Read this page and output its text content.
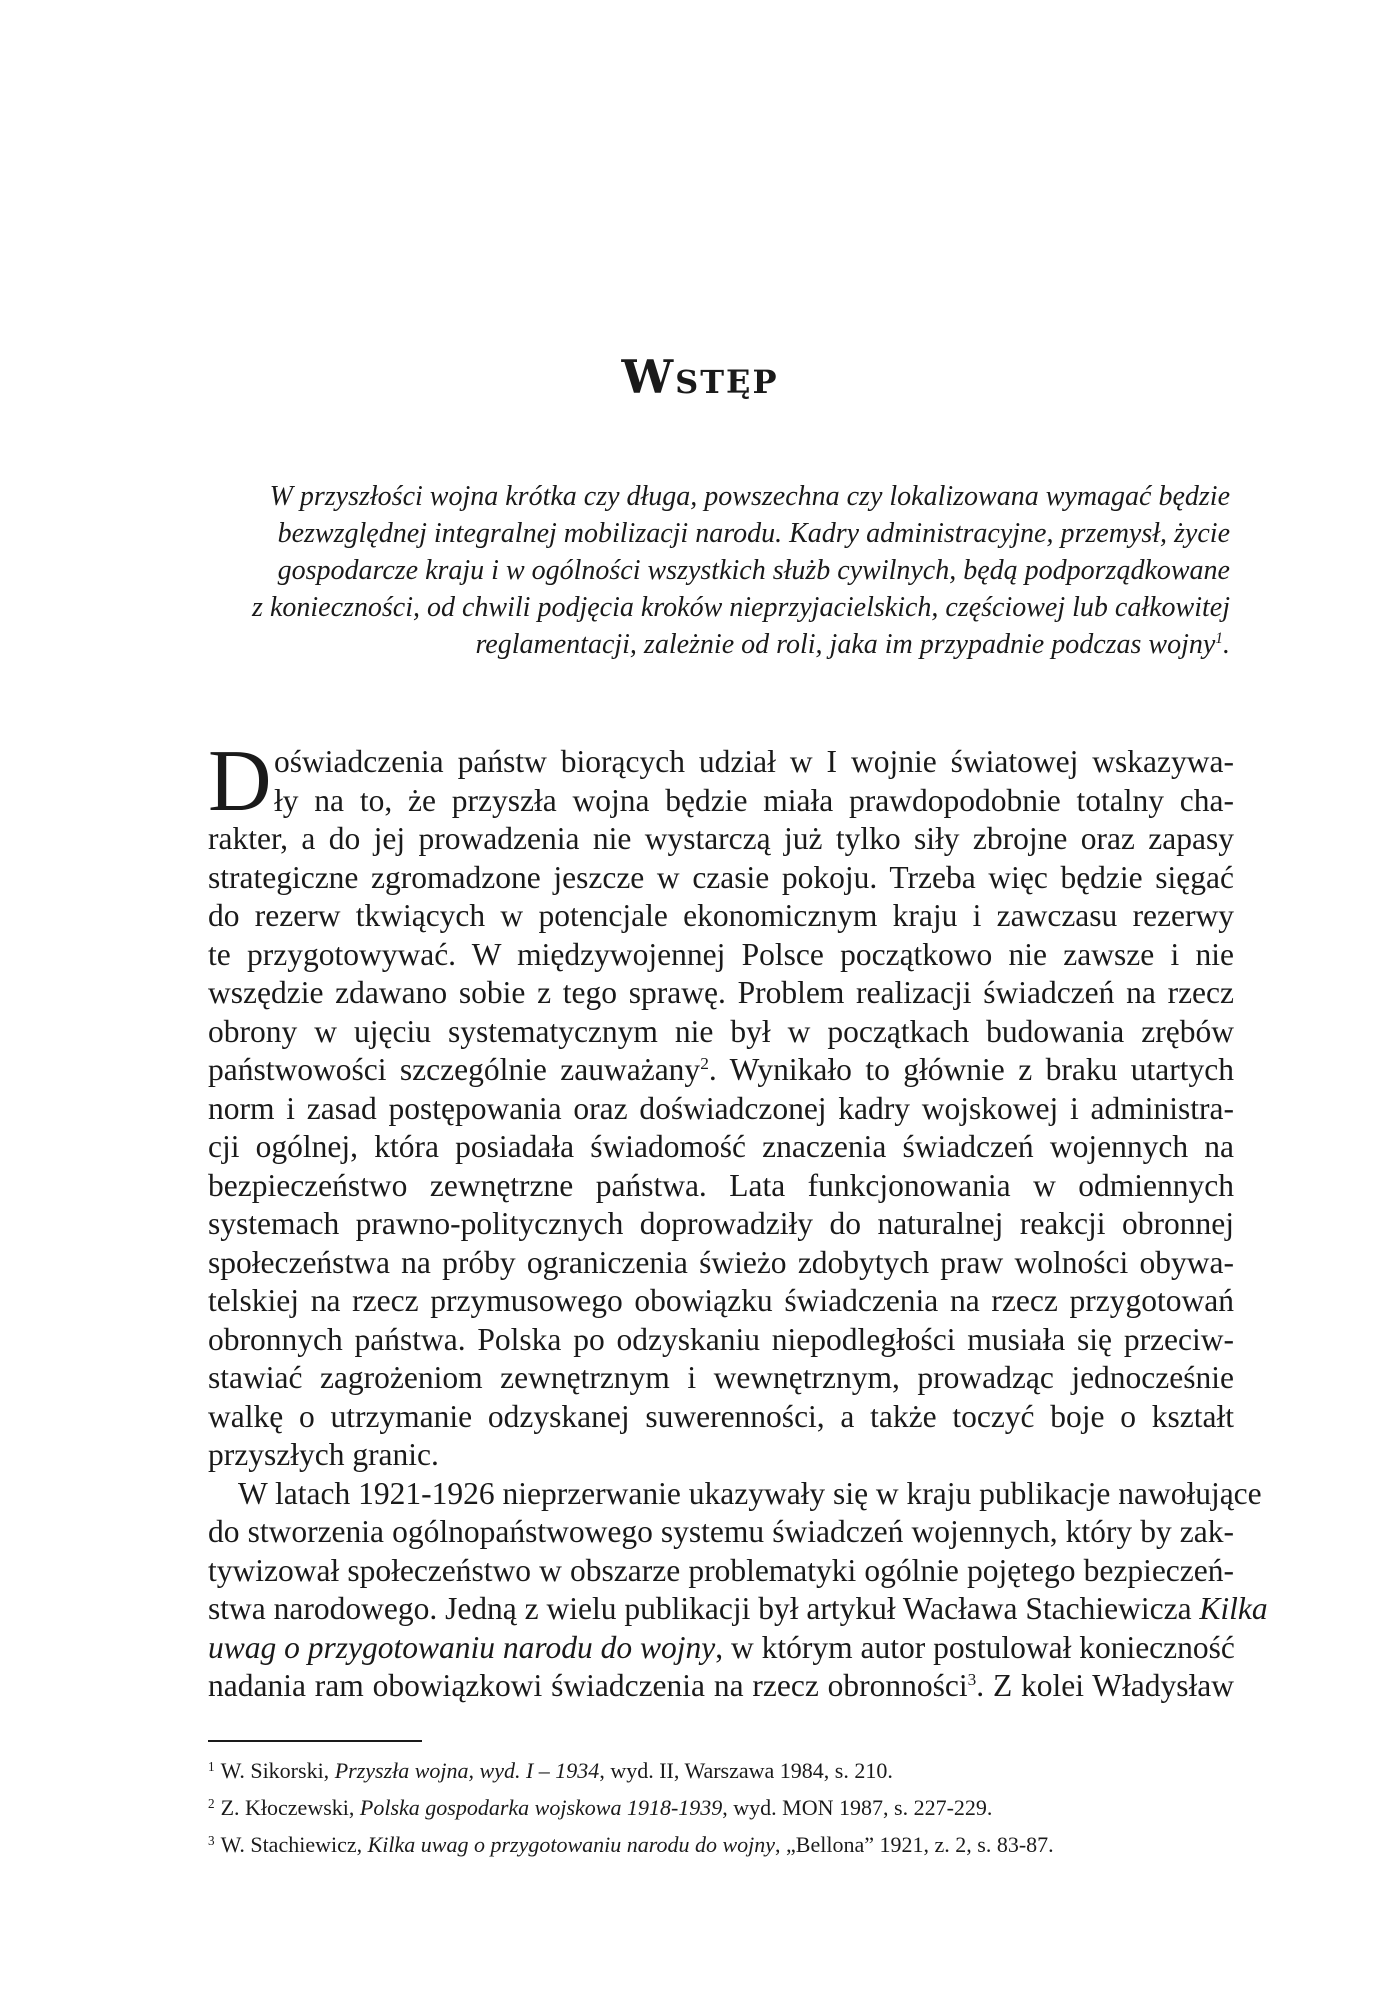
Wstęp
W przyszłości wojna krótka czy długa, powszechna czy lokalizowana wymagać będzie
bezwzględnej integralnej mobilizacji narodu. Kadry administracyjne, przemysł, życie
gospodarcze kraju i w ogólności wszystkich służb cywilnych, będą podporządkowane
z konieczności, od chwili podjęcia kroków nieprzyjacielskich, częściowej lub całkowitej
reglamentacji, zależnie od roli, jaka im przypadnie podczas wojny$^1$.
D oświadczenia państw biorących udział w I wojnie światowej wskazywa-
ły na to, że przyszła wojna będzie miała prawdopodobnie totalny cha-
rakter, a do jej prowadzenia nie wystarczą już tylko siły zbrojne oraz zapasy
strategiczne zgromadzone jeszcze w czasie pokoju. Trzeba więc będzie sięgać
do rezerw tkwiących w potencjale ekonomicznym kraju i zawczasu rezerwy
te przygotowywać. W międzywojennej Polsce początkowo nie zawsze i nie
wszędzie zdawano sobie z tego sprawę. Problem realizacji świadczeń na rzecz
obrony w ujęciu systematycznym nie był w początkach budowania zrębów
państwowości szczególnie zauważany$^2$. Wynikało to głównie z braku utartych
norm i zasad postępowania oraz doświadczonej kadry wojskowej i administra-
cji ogólnej, która posiadała świadomość znaczenia świadczeń wojennych na
bezpieczeństwo zewnętrzne państwa. Lata funkcjonowania w odmiennych
systemach prawno-politycznych doprowadziły do naturalnej reakcji obronnej
społeczeństwa na próby ograniczenia świeżo zdobytych praw wolności obywa-
telskiej na rzecz przymusowego obowiązku świadczenia na rzecz przygotowań
obronnych państwa. Polska po odzyskaniu niepodległości musiała się przeciw-
stawiać zagrożeniom zewnętrznym i wewnętrznym, prowadząc jednocześnie
walkę o utrzymanie odzyskanej suwerenności, a także toczyć boje o kształt
przyszłych granic.
W latach 1921-1926 nieprzerwanie ukazywały się w kraju publikacje nawołujące
do stworzenia ogólnopaństwowego systemu świadczeń wojennych, który by zak-
tywizował społeczeństwo w obszarze problematyki ogólnie pojętego bezpieczeń-
stwa narodowego. Jedną z wielu publikacji był artykuł Wacława Stachiewicza Kilka
uwag o przygotowaniu narodu do wojny, w którym autor postulował konieczność
nadania ram obowiązkowi świadczenia na rzecz obronności$^3$. Z kolei Władysław
$^1$ W. Sikorski, Przyszła wojna, wyd. I – 1934, wyd. II, Warszawa 1984, s. 210.
$^2$ Z. Kłoczewski, Polska gospodarka wojskowa 1918-1939, wyd. MON 1987, s. 227-229.
$^3$ W. Stachiewicz, Kilka uwag o przygotowaniu narodu do wojny, „Bellona” 1921, z. 2, s. 83-87.
